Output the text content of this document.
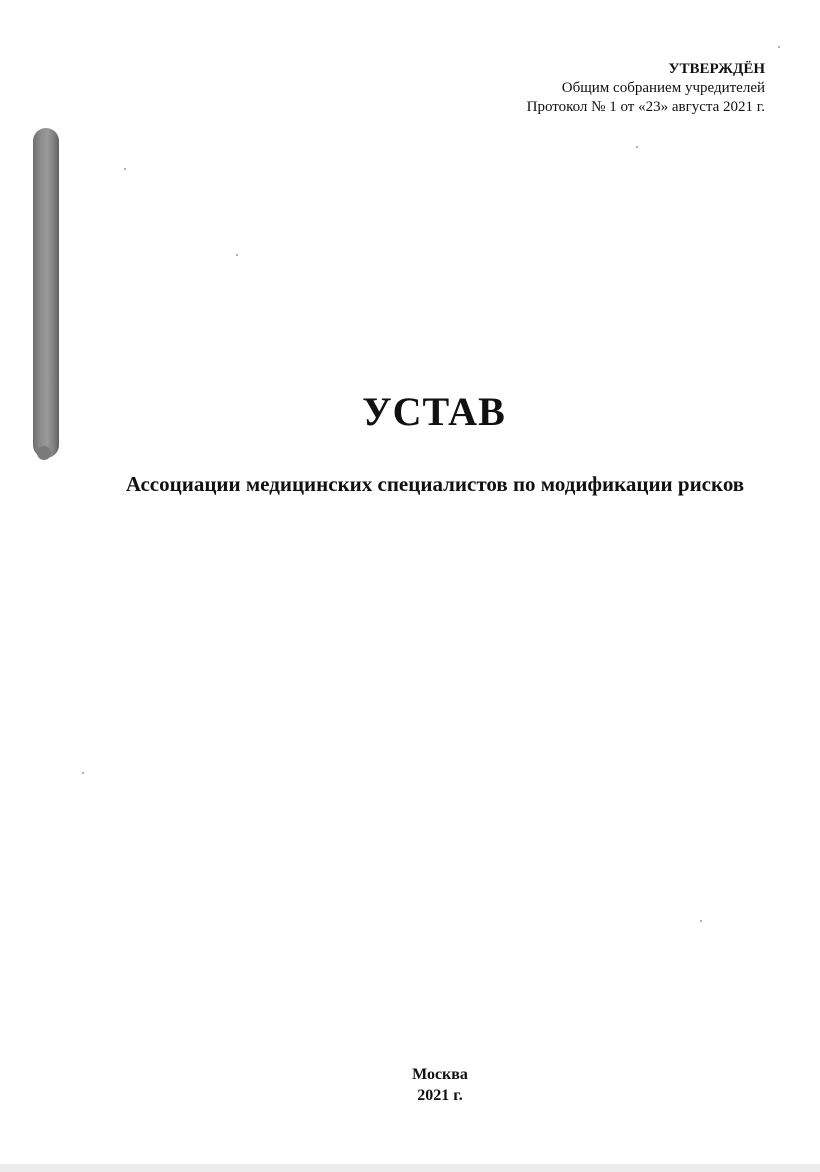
УТВЕРЖДЁН
Общим собранием учредителей
Протокол № 1 от «23» августа 2021 г.
УСТАВ
Ассоциации медицинских специалистов по модификации рисков
Москва
2021 г.
